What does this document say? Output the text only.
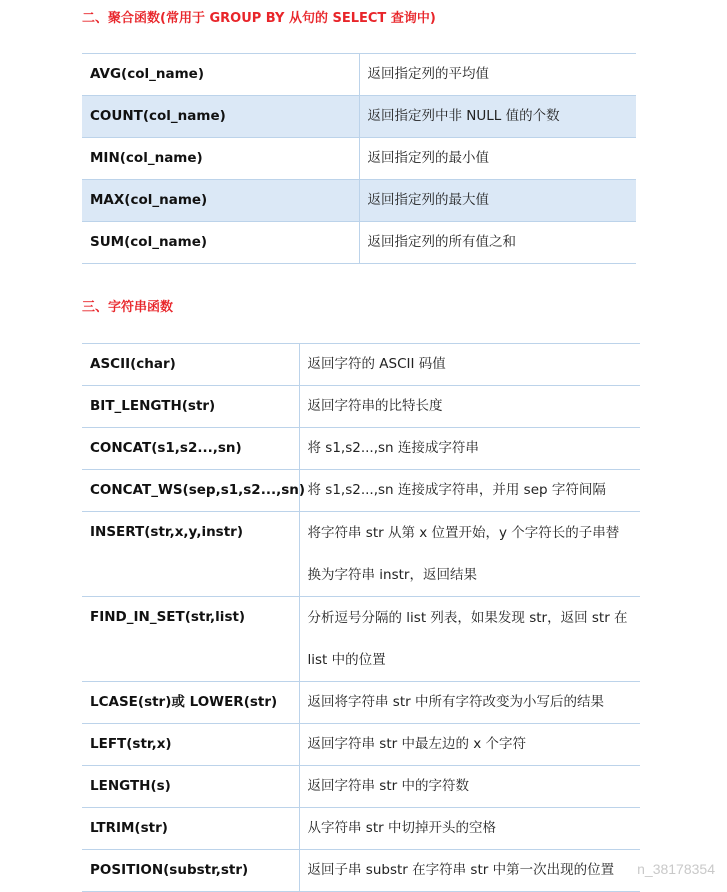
二、聚合函数(常用于 GROUP BY 从句的 SELECT 查询中)
AVG(col_name)	返回指定列的平均值
COUNT(col_name)	返回指定列中非 NULL 值的个数
MIN(col_name)	返回指定列的最小值
MAX(col_name)	返回指定列的最大值
SUM(col_name)	返回指定列的所有值之和
三、字符串函数
ASCII(char)	返回字符的 ASCII 码值
BIT_LENGTH(str)	返回字符串的比特长度
CONCAT(s1,s2...,sn)	将 s1,s2...,sn 连接成字符串
CONCAT_WS(sep,s1,s2...,sn)	将 s1,s2...,sn 连接成字符串，并用 sep 字符间隔
INSERT(str,x,y,instr)	将字符串 str 从第 x 位置开始，y 个字符长的子串替
换为字符串 instr，返回结果

FIND_IN_SET(str,list)	分析逗号分隔的 list 列表，如果发现 str，返回 str 在
list 中的位置

LCASE(str)或 LOWER(str)	返回将字符串 str 中所有字符改变为小写后的结果
LEFT(str,x)	返回字符串 str 中最左边的 x 个字符
LENGTH(s)	返回字符串 str 中的字符数
LTRIM(str)	从字符串 str 中切掉开头的空格
POSITION(substr,str)	返回子串 substr 在字符串 str 中第一次出现的位置 n_38178354
